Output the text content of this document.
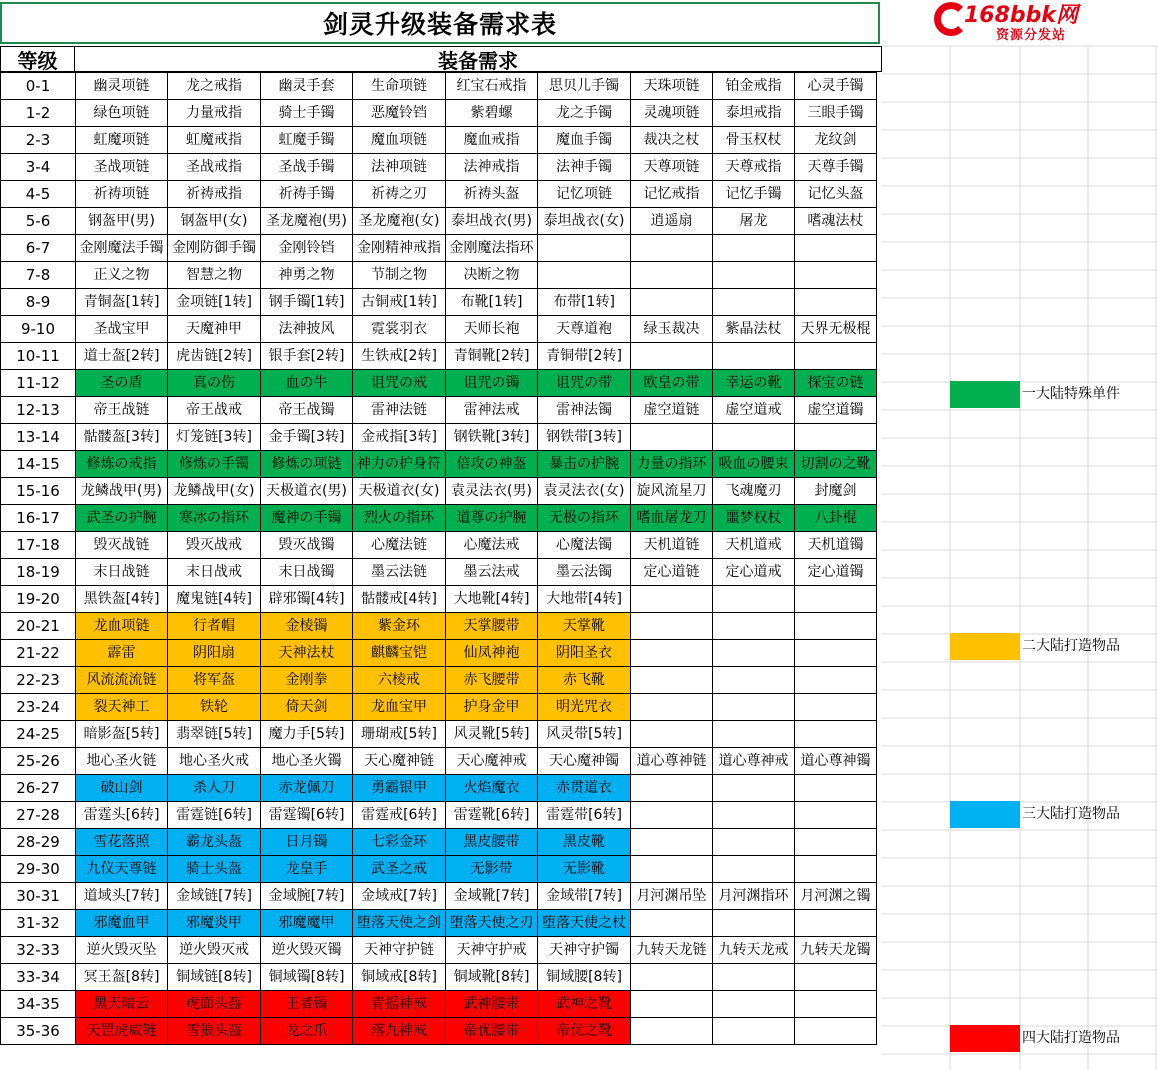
剑灵升级装备需求表
等级	装备需求
0-1	幽灵项链	龙之戒指	幽灵手套	生命项链	红宝石戒指	思贝儿手镯	天珠项链	铂金戒指	心灵手镯
1-2	绿色项链	力量戒指	骑士手镯	恶魔铃铛	紫碧螺	龙之手镯	灵魂项链	泰坦戒指	三眼手镯
2-3	虹魔项链	虹魔戒指	虹魔手镯	魔血项链	魔血戒指	魔血手镯	裁决之杖	骨玉权杖	龙纹剑
3-4	圣战项链	圣战戒指	圣战手镯	法神项链	法神戒指	法神手镯	天尊项链	天尊戒指	天尊手镯
4-5	祈祷项链	祈祷戒指	祈祷手镯	祈祷之刃	祈祷头盔	记忆项链	记忆戒指	记忆手镯	记忆头盔
5-6	钢盔甲(男)	钢盔甲(女)	圣龙魔袍(男)	圣龙魔袍(女)	泰坦战衣(男)	泰坦战衣(女)	逍遥扇	屠龙	嗜魂法杖
6-7	金刚魔法手镯	金刚防御手镯	金刚铃铛	金刚精神戒指	金刚魔法指环				
7-8	正义之物	智慧之物	神勇之物	节制之物	决断之物				
8-9	青铜盔[1转]	金项链[1转]	钢手镯[1转]	古铜戒[1转]	布靴[1转]	布带[1转]			
9-10	圣战宝甲	天魔神甲	法神披风	霓裳羽衣	天师长袍	天尊道袍	绿玉裁决	紫晶法杖	天界无极棍
10-11	道士盔[2转]	虎齿链[2转]	银手套[2转]	生铁戒[2转]	青铜靴[2转]	青铜带[2转]			
11-12	圣の盾	真の伤	血の牛	诅咒の戒	诅咒の镯	诅咒の带	欧皇の带	幸运の靴	探宝の链
12-13	帝王战链	帝王战戒	帝王战镯	雷神法链	雷神法戒	雷神法镯	虚空道链	虚空道戒	虚空道镯
13-14	骷髅盔[3转]	灯笼链[3转]	金手镯[3转]	金戒指[3转]	钢铁靴[3转]	钢铁带[3转]			
14-15	修炼の戒指	修炼の手镯	修炼の项链	神力の护身符	倍攻の神盔	暴击の护腕	力量の指环	吸血の腰束	切割の之靴
15-16	龙鳞战甲(男)	龙鳞战甲(女)	天极道衣(男)	天极道衣(女)	袁灵法衣(男)	袁灵法衣(女)	旋风流星刀	飞魂魔刃	封魔剑
16-17	武圣の护腕	寒冰の指环	魔神の手镯	烈火の指环	道尊の护腕	无极の指环	嗜血屠龙刀	噩梦权杖	八卦棍
17-18	毁灭战链	毁灭战戒	毁灭战镯	心魔法链	心魔法戒	心魔法镯	天机道链	天机道戒	天机道镯
18-19	末日战链	末日战戒	末日战镯	墨云法链	墨云法戒	墨云法镯	定心道链	定心道戒	定心道镯
19-20	黑铁盔[4转]	魔鬼链[4转]	辟邪镯[4转]	骷髅戒[4转]	大地靴[4转]	大地带[4转]			
20-21	龙血项链	行者帽	金棱镯	紫金环	天掌腰带	天掌靴			
21-22	霹雷	阴阳扇	天神法杖	麒麟宝铠	仙凤神袍	阴阳圣衣			
22-23	风流流流链	将军盔	金刚拳	六棱戒	赤飞腰带	赤飞靴			
23-24	裂天神工	铁轮	倚天剑	龙血宝甲	护身金甲	明光咒衣			
24-25	暗影盔[5转]	翡翠链[5转]	魔力手[5转]	珊瑚戒[5转]	风灵靴[5转]	风灵带[5转]			
25-26	地心圣火链	地心圣火戒	地心圣火镯	天心魔神链	天心魔神戒	天心魔神镯	道心尊神链	道心尊神戒	道心尊神镯
26-27	破山剑	杀人刀	赤龙佩刀	勇霸银甲	火焰魔衣	赤贯道衣			
27-28	雷霆头[6转]	雷霆链[6转]	雷霆镯[6转]	雷霆戒[6转]	雷霆靴[6转]	雷霆带[6转]			
28-29	雪花落照	霸龙头盔	日月镯	七彩金环	黑皮腰带	黑皮靴			
29-30	九仪天尊链	骑士头盔	龙皇手	武圣之戒	无影带	无影靴			
30-31	道域头[7转]	金域链[7转]	金域腕[7转]	金域戒[7转]	金域靴[7转]	金域带[7转]	月河渊吊坠	月河渊指环	月河渊之镯
31-32	邪魔血甲	邪魔炎甲	邪魔魔甲	堕落天使之剑	堕落天使之刃	堕落天使之杖			
32-33	逆火毁灭坠	逆火毁灭戒	逆火毁灭镯	天神守护链	天神守护戒	天神守护镯	九转天龙链	九转天龙戒	九转天龙镯
33-34	冥王盔[8转]	铜域链[8转]	铜域镯[8转]	铜域戒[8转]	铜域靴[8转]	铜域腰[8转]			
34-35	黑天暗云	虎面头盔	王者镯	青摇神戒	武神腰带	武神之靴			
35-36	天罡虎威链	雪狼头盔	龙之爪	落九神戒	帝优腰带	帝优之靴			
168bbk网
资源分发站
一大陆特殊单件
二大陆打造物品
三大陆打造物品
四大陆打造物品
